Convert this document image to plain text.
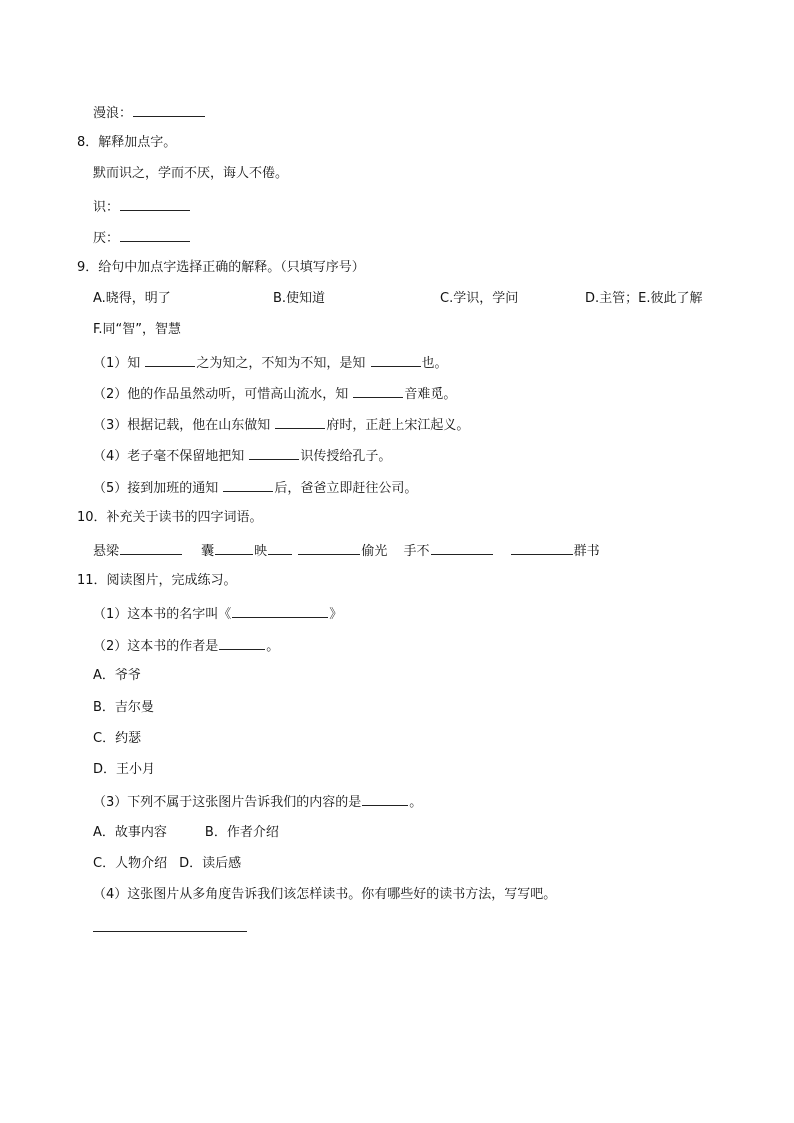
漫浪：
8．解释加点字。
默而识之，学而不厌，诲人不倦。
识：
厌：
9．给句中加点字选择正确的解释。（只填写序号）
A.晓得，明了	B.使知道	C.学识，学问	D.主管；E.彼此了解
F.同“智”，智慧
（1）知	之为知之，不知为不知，是知	也。
（2）他的作品虽然动听，可惜高山流水，知	音难觅。
（3）根据记载，他在山东做知	府时，正赶上宋江起义。
（4）老子毫不保留地把知	识传授给孔子。
（5）接到加班的通知	后，爸爸立即赶往公司。
10．补充关于读书的四字词语。
悬梁	囊	映	偷光 手不	群书
11．阅读图片，完成练习。
（1）这本书的名字叫《	》
（2）这本书的作者是	。
A．爷爷
B．吉尔曼
C．约瑟
D．王小月
（3）下列不属于这张图片告诉我们的内容的是	。
A．故事内容	B．作者介绍
C．人物介绍 D．读后感
（4）这张图片从多角度告诉我们该怎样读书。你有哪些好的读书方法，写写吧。
